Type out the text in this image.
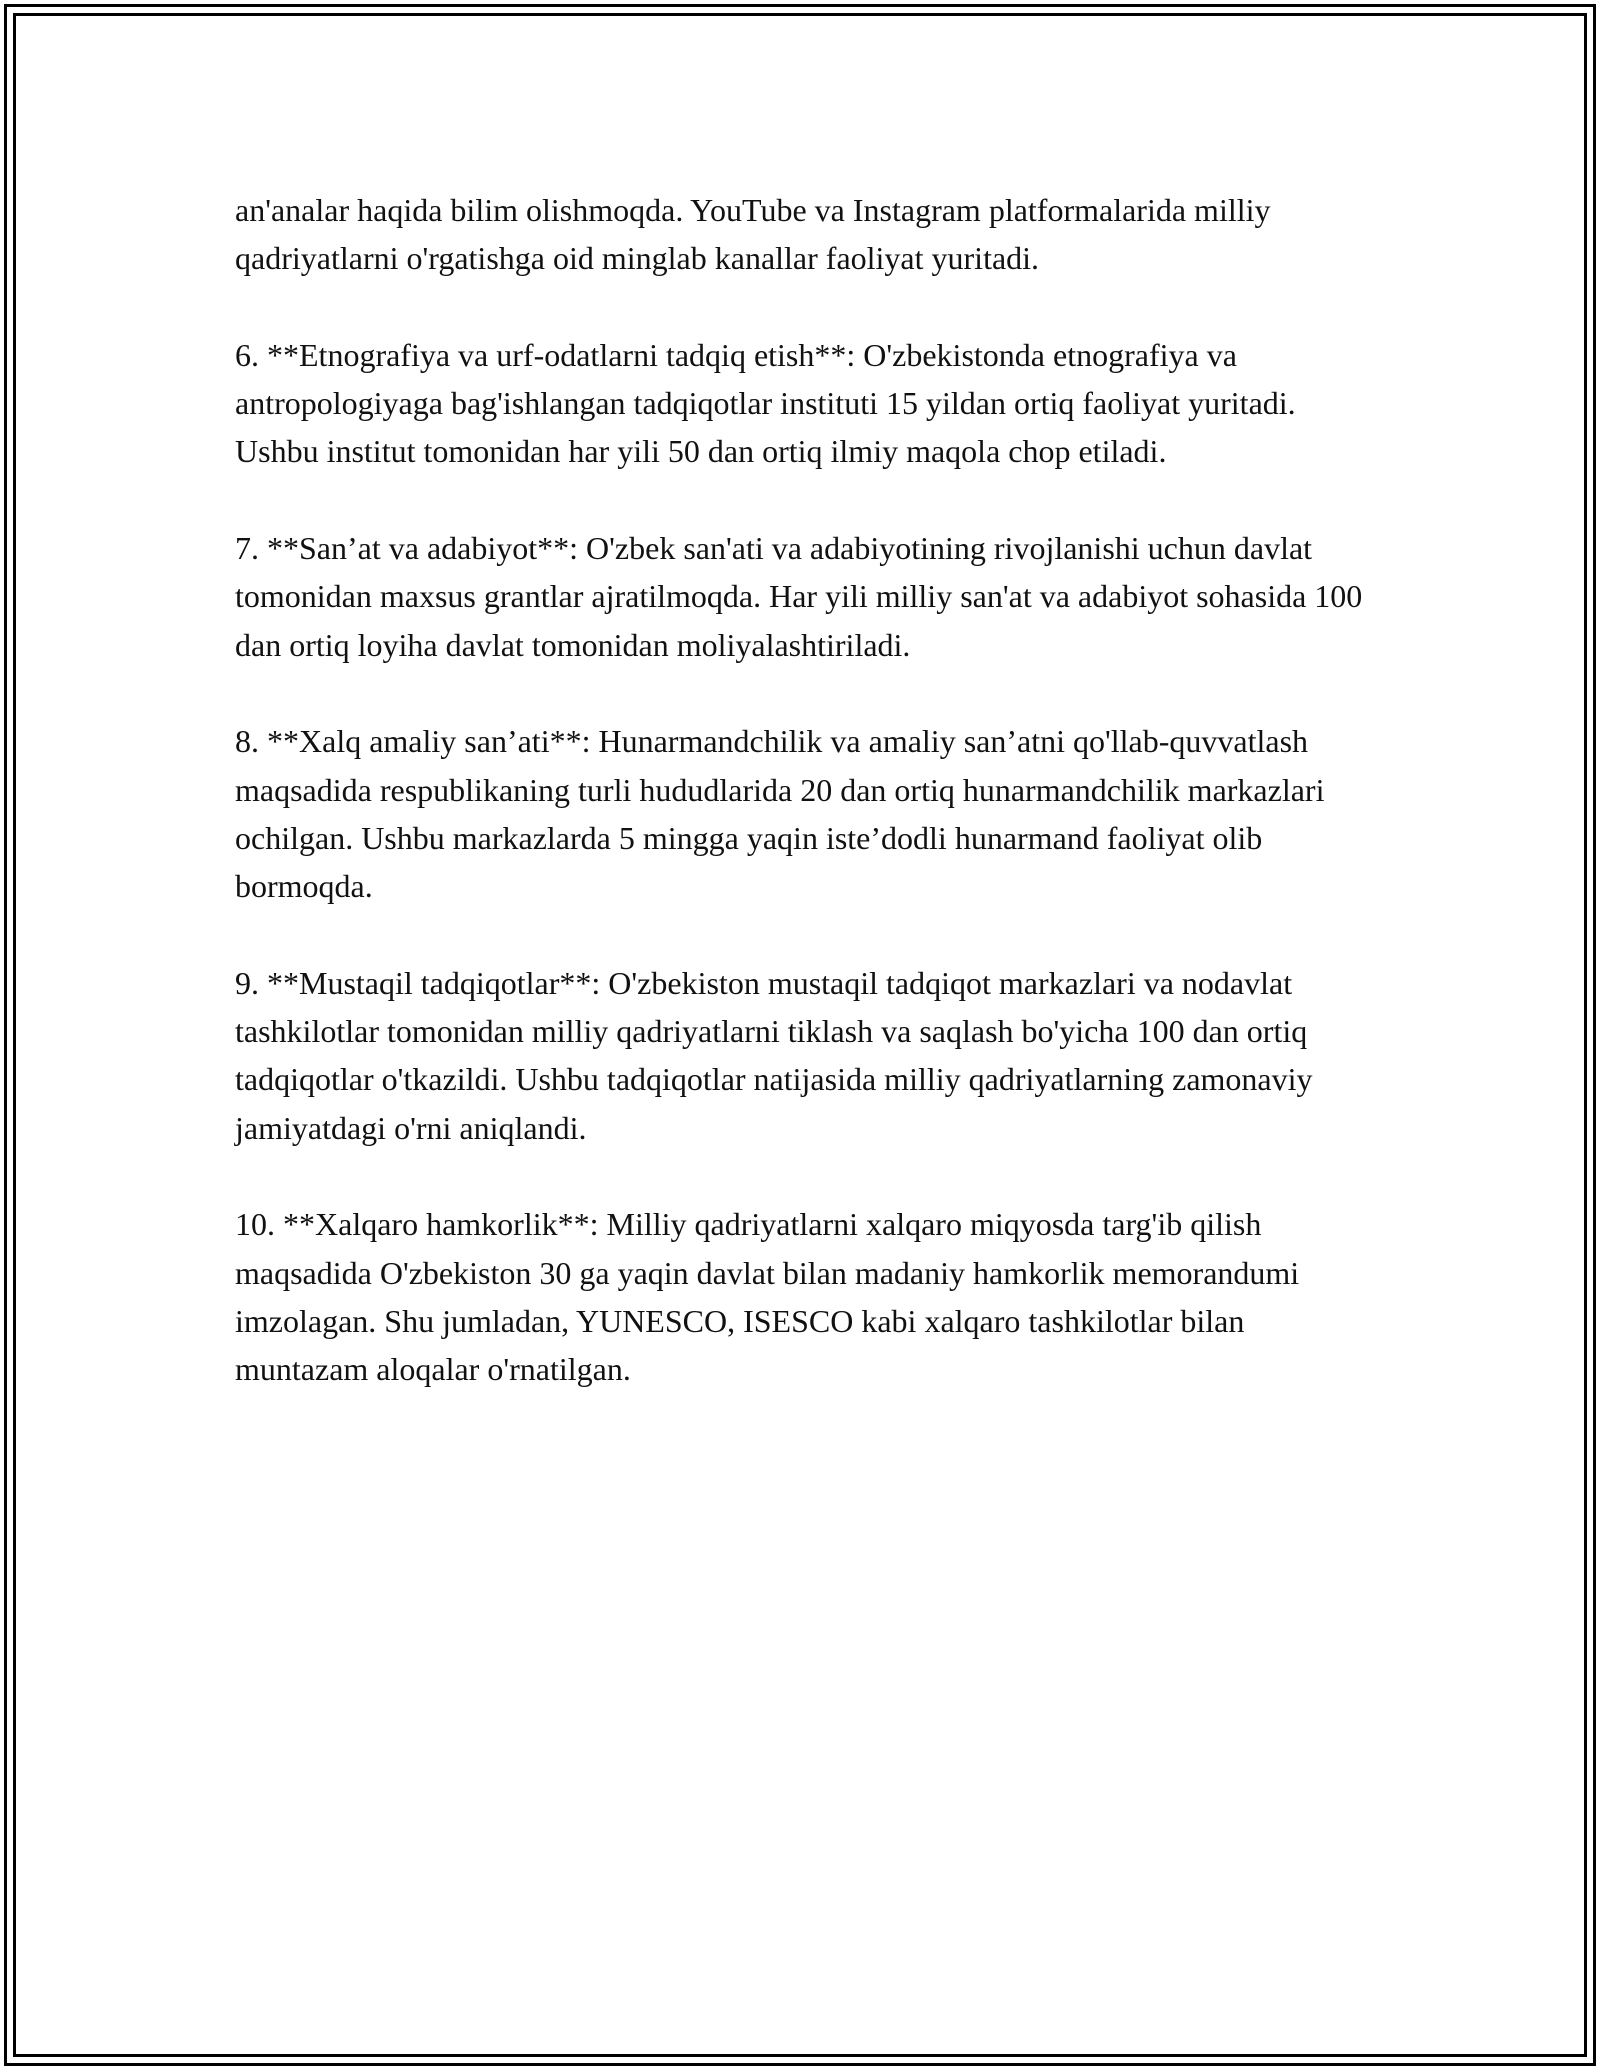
an'analar haqida bilim olishmoqda. YouTube va Instagram platformalarida milliy qadriyatlarni o'rgatishga oid minglab kanallar faoliyat yuritadi.

6. **Etnografiya va urf-odatlarni tadqiq etish**: O'zbekistonda etnografiya va antropologiyaga bag'ishlangan tadqiqotlar instituti 15 yildan ortiq faoliyat yuritadi. Ushbu institut tomonidan har yili 50 dan ortiq ilmiy maqola chop etiladi.

7. **San’at va adabiyot**: O'zbek san'ati va adabiyotining rivojlanishi uchun davlat tomonidan maxsus grantlar ajratilmoqda. Har yili milliy san'at va adabiyot sohasida 100 dan ortiq loyiha davlat tomonidan moliyalashtiriladi.

8. **Xalq amaliy san’ati**: Hunarmandchilik va amaliy san’atni qo'llab-quvvatlash maqsadida respublikaning turli hududlarida 20 dan ortiq hunarmandchilik markazlari ochilgan. Ushbu markazlarda 5 mingga yaqin iste’dodli hunarmand faoliyat olib bormoqda.

9. **Mustaqil tadqiqotlar**: O'zbekiston mustaqil tadqiqot markazlari va nodavlat tashkilotlar tomonidan milliy qadriyatlarni tiklash va saqlash bo'yicha 100 dan ortiq tadqiqotlar o'tkazildi. Ushbu tadqiqotlar natijasida milliy qadriyatlarning zamonaviy jamiyatdagi o'rni aniqlandi.

10. **Xalqaro hamkorlik**: Milliy qadriyatlarni xalqaro miqyosda targ'ib qilish maqsadida O'zbekiston 30 ga yaqin davlat bilan madaniy hamkorlik memorandumi imzolagan. Shu jumladan, YUNESCO, ISESCO kabi xalqaro tashkilotlar bilan muntazam aloqalar o'rnatilgan.
